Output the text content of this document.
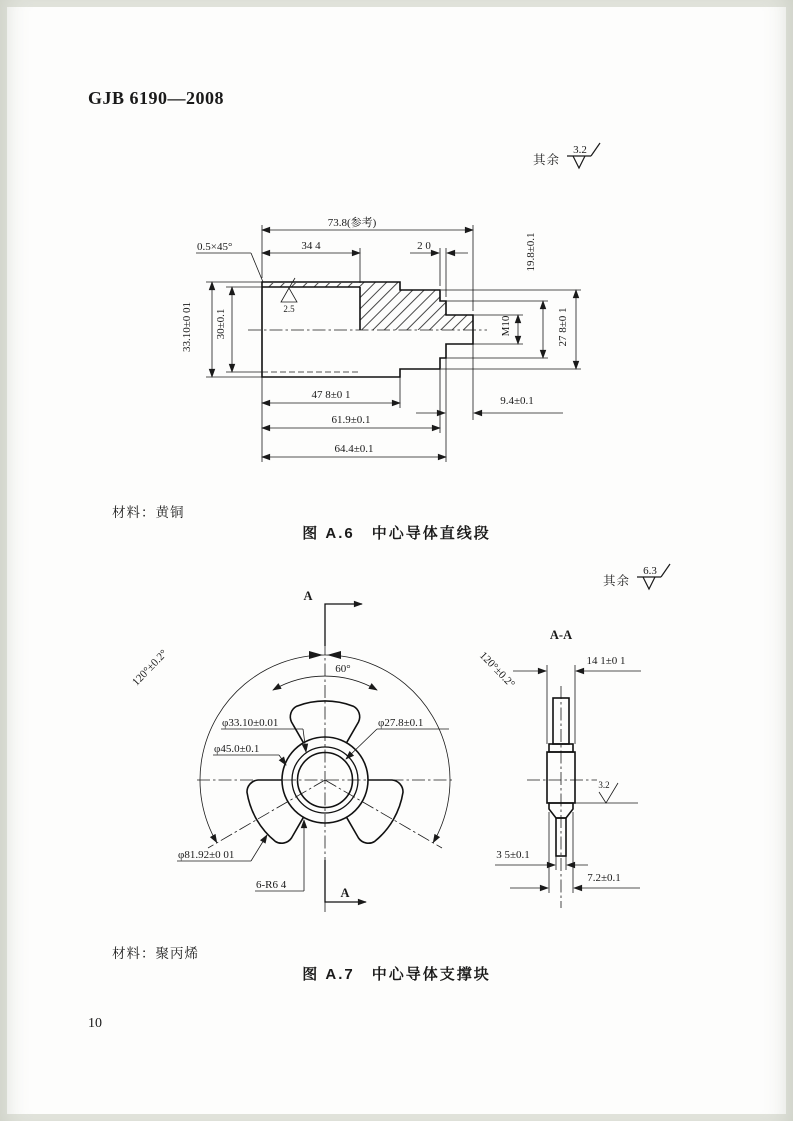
GJB 6190—2008
其余
3.2
2.5
73.8(参考)
0.5×45°	34 4	2 0	19.8±0.1
33.10±0 01 30±0.1	M10	27 8±0 1
47 8±0 1	9.4±0.1
61.9±0.1
64.4±0.1
材料：黄铜
图 A.6　中心导体直线段
其余
6.3
120°±0.2°	120°±0.2°
60°
φ33.10±0.01	φ27.8±0.1
φ45.0±0.1
φ81.92±0 01
6-R6 4
A
A
A-A
14 1±0 1
3.2
3 5±0.1
7.2±0.1
材料：聚丙烯
图 A.7　中心导体支撑块
10
